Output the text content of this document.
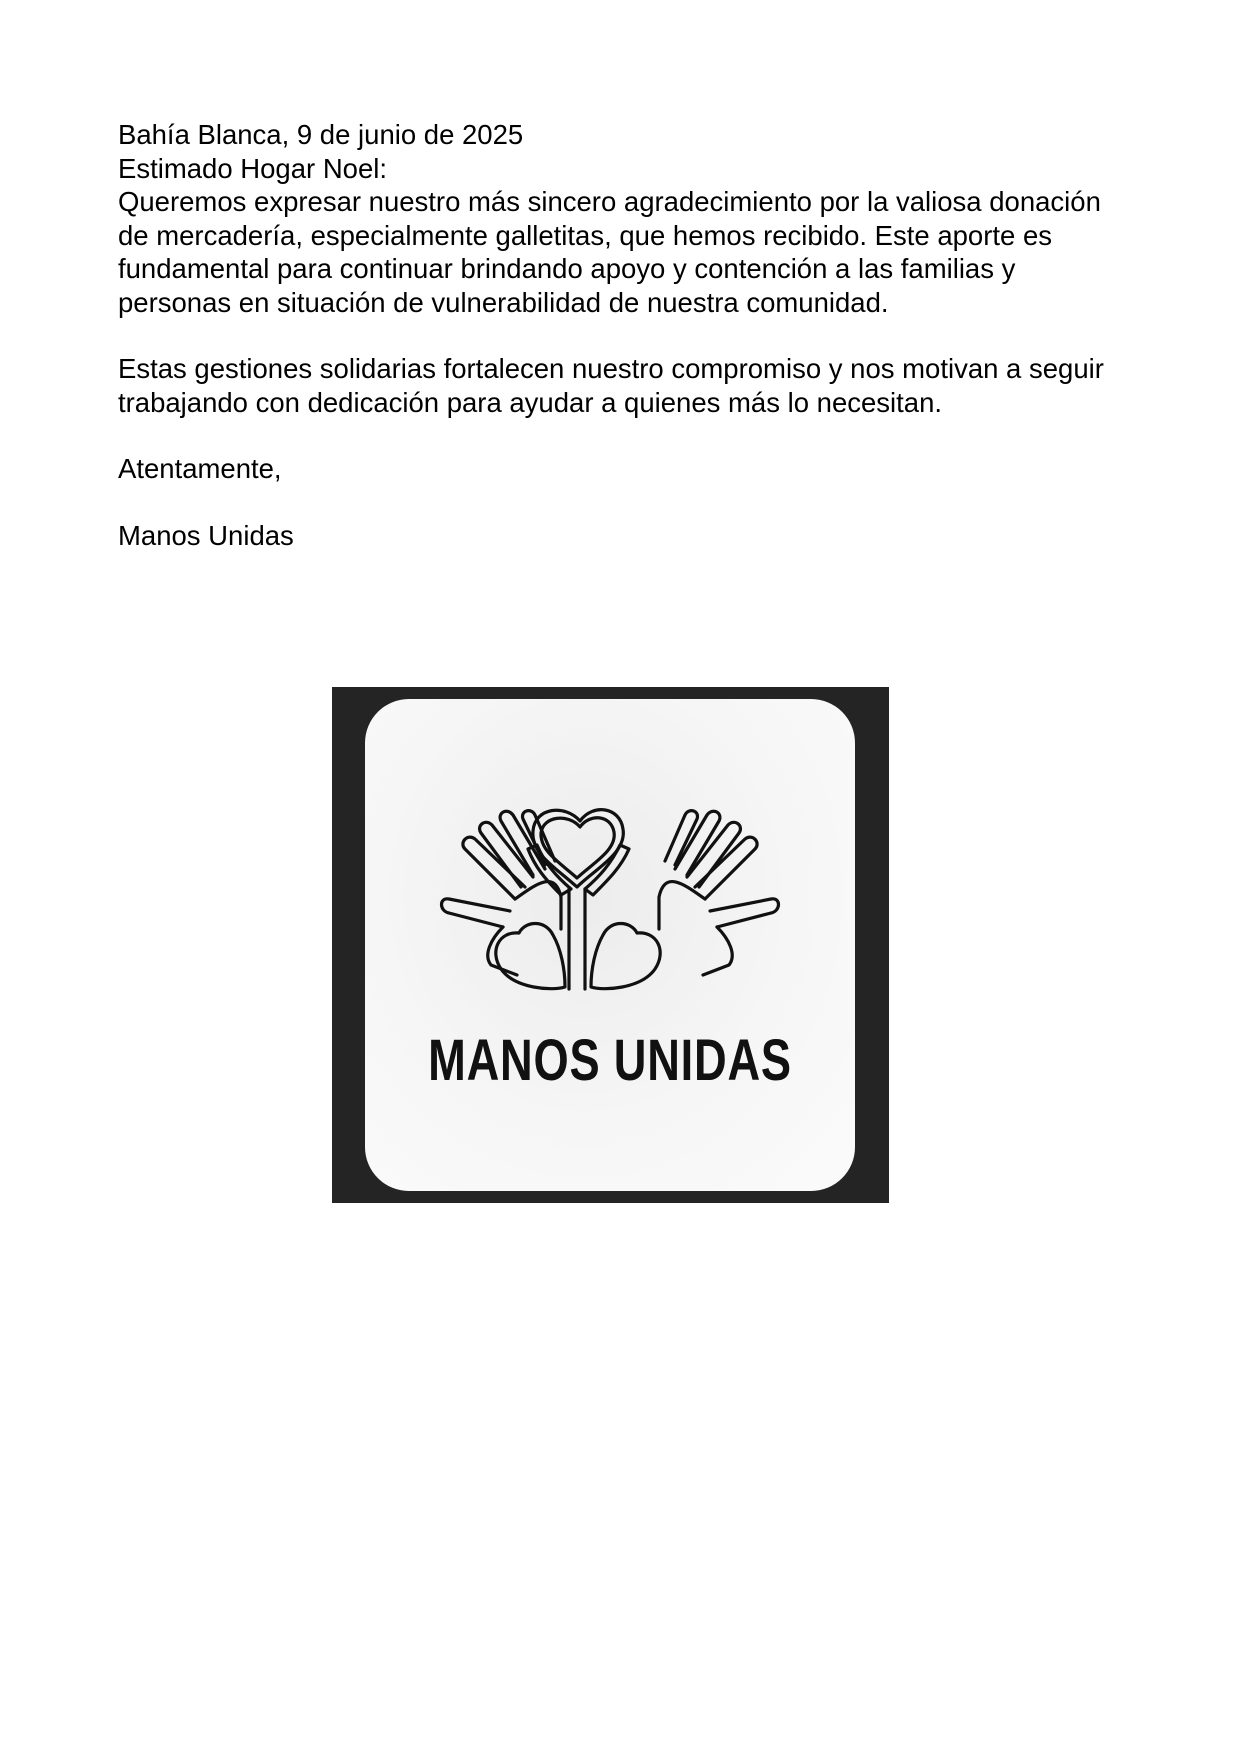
Bahía Blanca, 9 de junio de 2025

Estimado Hogar Noel:

Queremos expresar nuestro más sincero agradecimiento por la valiosa donación de mercadería, especialmente galletitas, que hemos recibido. Este aporte es fundamental para continuar brindando apoyo y contención a las familias y personas en situación de vulnerabilidad de nuestra comunidad.

Estas gestiones solidarias fortalecen nuestro compromiso y nos motivan a seguir trabajando con dedicación para ayudar a quienes más lo necesitan.

Atentamente,

Manos Unidas

MANOS UNIDAS
